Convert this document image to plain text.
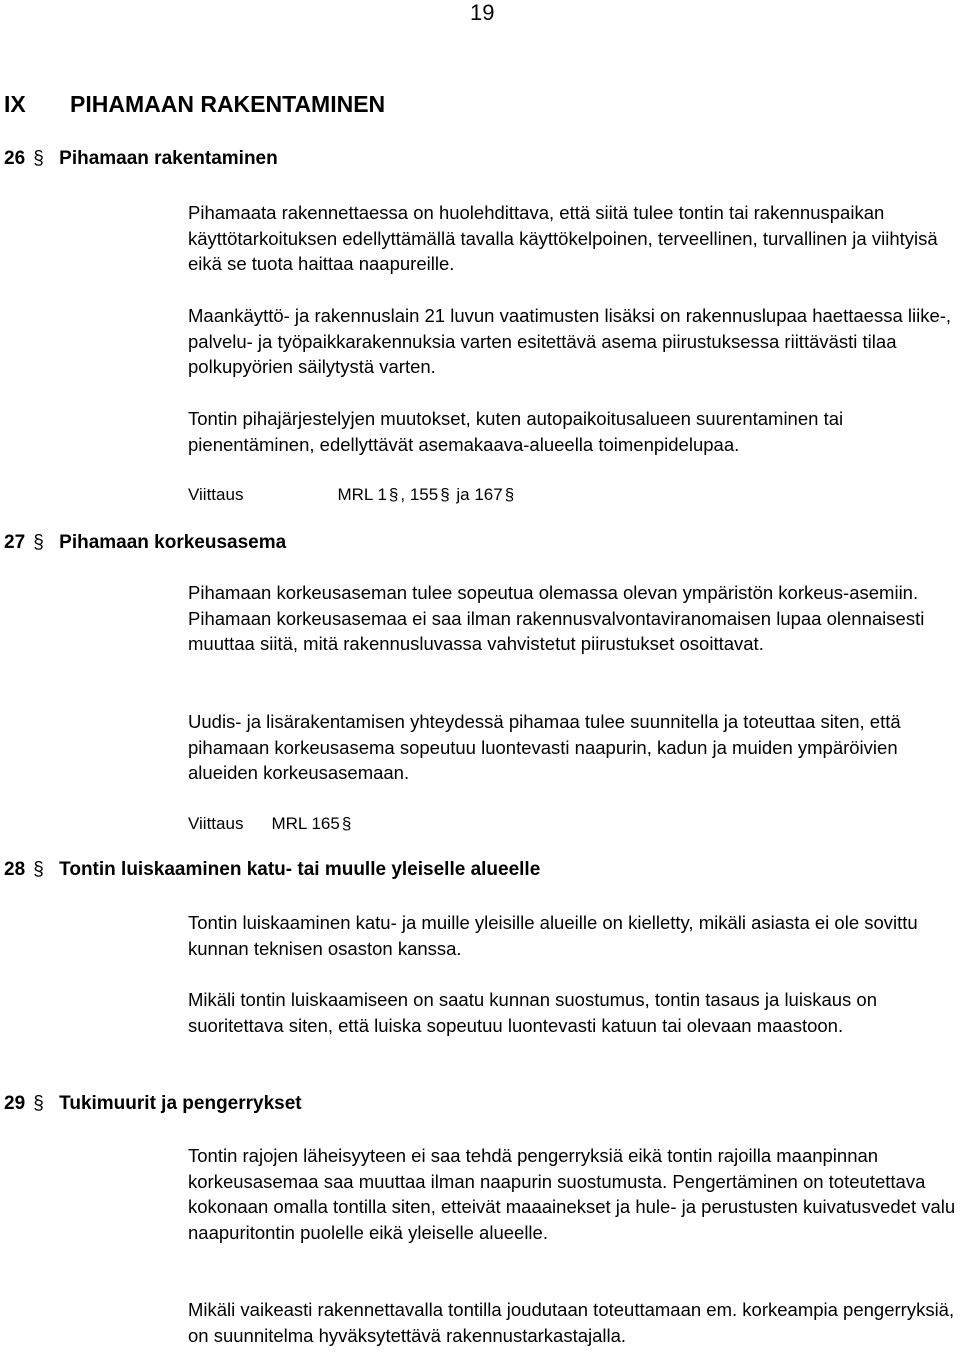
19
IX PIHAMAAN RAKENTAMINEN
26 § Pihamaan rakentaminen

Pihamaata rakennettaessa on huolehdittava, että siitä tulee tontin tai rakennuspaikan käyttötarkoituksen edellyttämällä tavalla käyttökelpoinen, terveellinen, turvallinen ja viihtyisä eikä se tuota haittaa naapureille.

Maankäyttö- ja rakennuslain 21 luvun vaatimusten lisäksi on rakennuslupaa haettaessa liike-, palvelu- ja työpaikkarakennuksia varten esitettävä asema piirustuksessa riittävästi tilaa polkupyörien säilytystä varten.

Tontin pihajärjestelyjen muutokset, kuten autopaikoitusalueen suurentaminen tai pienentäminen, edellyttävät asemakaava-alueella toimenpidelupaa.

Viittaus	MRL 1 § , 155 § ja 167 §
27 § Pihamaan korkeusasema

Pihamaan korkeusaseman tulee sopeutua olemassa olevan ympäristön korkeus-asemiin. Pihamaan korkeusasemaa ei saa ilman rakennusvalvontaviranomaisen lupaa olennaisesti muuttaa siitä, mitä rakennusluvassa vahvistetut piirustukset osoittavat.

Uudis- ja lisärakentamisen yhteydessä pihamaa tulee suunnitella ja toteuttaa siten, että pihamaan korkeusasema sopeutuu luontevasti naapurin, kadun ja muiden ympäröivien alueiden korkeusasemaan.

Viittaus MRL 165 §
28 § Tontin luiskaaminen katu- tai muulle yleiselle alueelle

Tontin luiskaaminen katu- ja muille yleisille alueille on kielletty, mikäli asiasta ei ole sovittu kunnan teknisen osaston kanssa.

Mikäli tontin luiskaamiseen on saatu kunnan suostumus, tontin tasaus ja luiskaus on suoritettava siten, että luiska sopeutuu luontevasti katuun tai olevaan maastoon.

29 § Tukimuurit ja pengerrykset

Tontin rajojen läheisyyteen ei saa tehdä pengerryksiä eikä tontin rajoilla maanpinnan korkeusasemaa saa muuttaa ilman naapurin suostumusta. Pengertäminen on toteutettava kokonaan omalla tontilla siten, etteivät maaainekset ja hule- ja perustusten kuivatusvedet valu naapuritontin puolelle eikä yleiselle alueelle.

Mikäli vaikeasti rakennettavalla tontilla joudutaan toteuttamaan em. korkeampia pengerryksiä, on suunnitelma hyväksytettävä rakennustarkastajalla.
